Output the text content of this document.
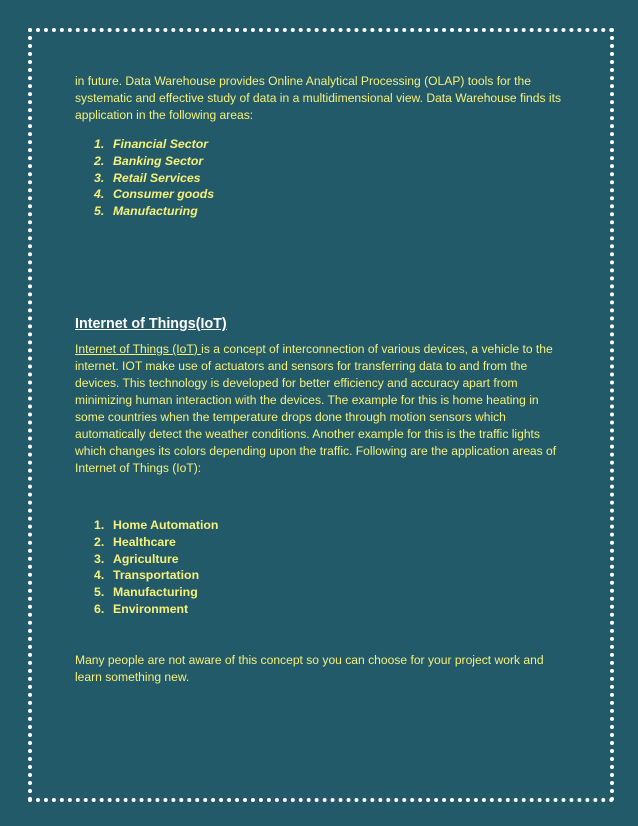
in future. Data Warehouse provides Online Analytical Processing (OLAP) tools for the systematic and effective study of data in a multidimensional view. Data Warehouse finds its application in the following areas:

1. Financial Sector
2. Banking Sector
3. Retail Services
4. Consumer goods
5. Manufacturing
Internet of Things(IoT)

Internet of Things (IoT) is a concept of interconnection of various devices, a vehicle to the internet. IOT make use of actuators and sensors for transferring data to and from the devices. This technology is developed for better efficiency and accuracy apart from minimizing human interaction with the devices. The example for this is home heating in some countries when the temperature drops done through motion sensors which automatically detect the weather conditions. Another example for this is the traffic lights which changes its colors depending upon the traffic. Following are the application areas of Internet of Things (IoT):

1. Home Automation
2. Healthcare
3. Agriculture
4. Transportation
5. Manufacturing
6. Environment

Many people are not aware of this concept so you can choose for your project work and learn something new.
